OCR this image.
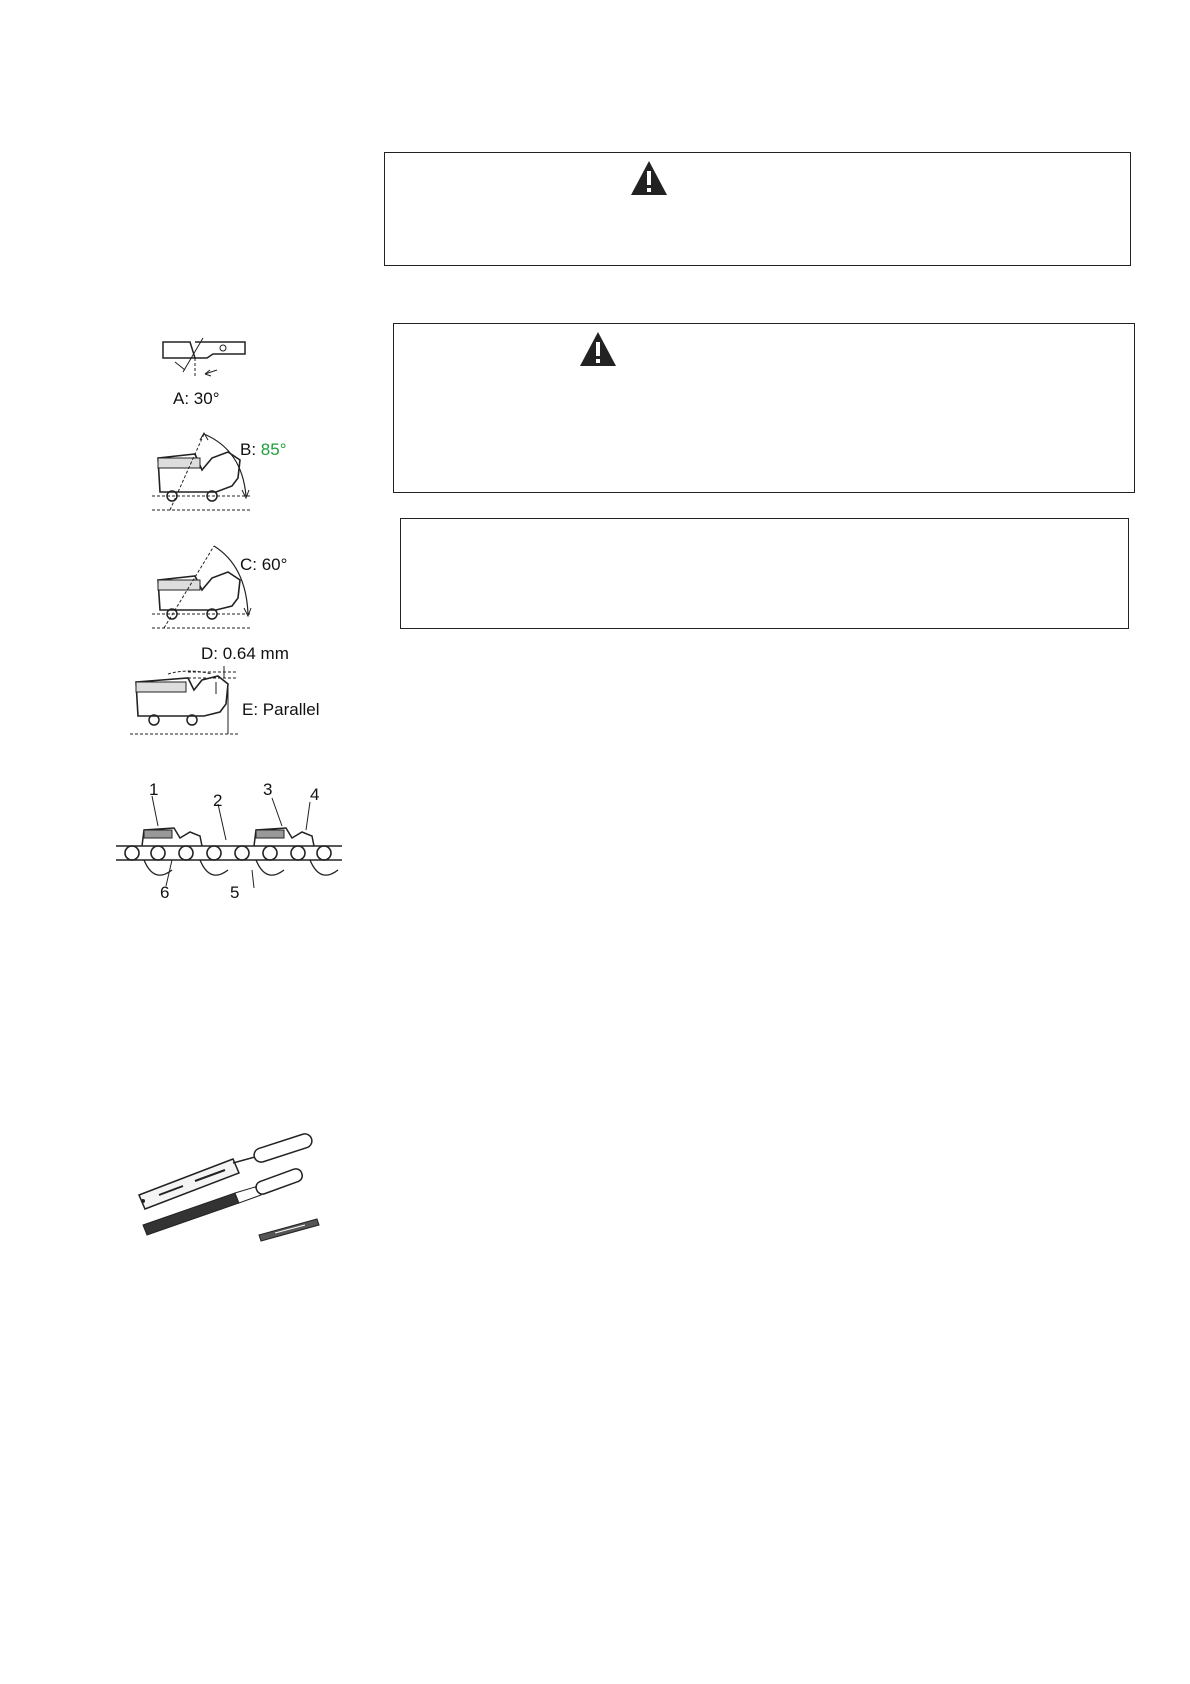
A: 30°
B: 85°
C: 60°
D: 0.64 mm
E: Parallel
1
2
3 4
5
6
